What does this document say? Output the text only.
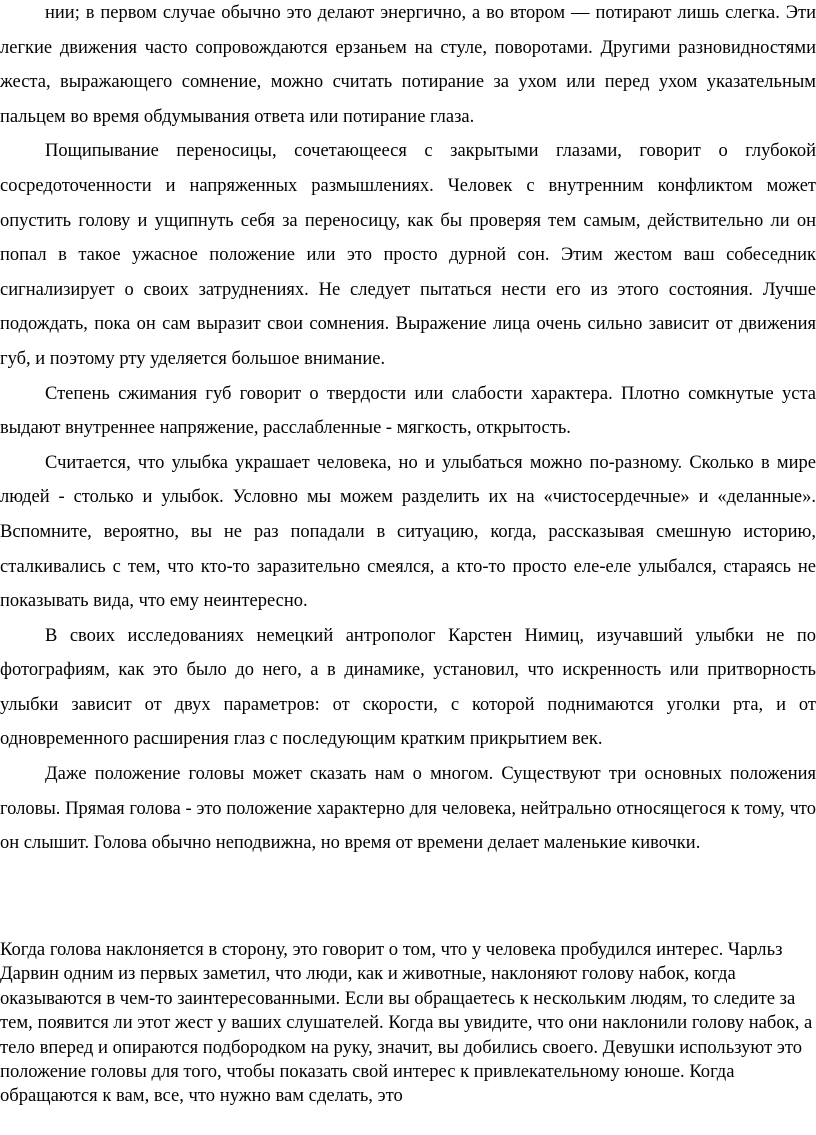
нии; в первом случае обычно это делают энергично, а во втором — потирают лишь слегка. Эти легкие движения часто сопровождаются ерзаньем на стуле, поворотами. Другими разновидностями жеста, выражающего сомнение, можно считать потирание за ухом или перед ухом указательным пальцем во время обдумывания ответа или потирание глаза.

Пощипывание переносицы, сочетающееся с закрытыми глазами, говорит о глубокой сосредоточенности и напряженных размышлениях. Человек с внутренним конфликтом может опустить голову и ущипнуть себя за переносицу, как бы проверяя тем самым, действительно ли он попал в такое ужасное положение или это просто дурной сон. Этим жестом ваш собеседник сигнализирует о своих затруднениях. Не следует пытаться нести его из этого состояния. Лучше подождать, пока он сам выразит свои сомнения. Выражение лица очень сильно зависит от движения губ, и поэтому рту уделяется большое внимание.

Степень сжимания губ говорит о твердости или слабости характера. Плотно сомкнутые уста выдают внутреннее напряжение, расслабленные - мягкость, открытость.

Считается, что улыбка украшает человека, но и улыбаться можно по-разному. Сколько в мире людей - столько и улыбок. Условно мы можем разделить их на «чистосердечные» и «деланные». Вспомните, вероятно, вы не раз попадали в ситуацию, когда, рассказывая смешную историю, сталкивались с тем, что кто-то заразительно смеялся, а кто-то просто еле-еле улыбался, стараясь не показывать вида, что ему неинтересно.

В своих исследованиях немецкий антрополог Карстен Нимиц, изучавший улыбки не по фотографиям, как это было до него, а в динамике, установил, что искренность или притворность улыбки зависит от двух параметров: от скорости, с которой поднимаются уголки рта, и от одновременного расширения глаз с последующим кратким прикрытием век.

Даже положение головы может сказать нам о многом. Существуют три основных положения головы. Прямая голова - это положение характерно для человека, нейтрально относящегося к тому, что он слышит. Голова обычно неподвижна, но время от времени делает маленькие кивочки.

Когда голова наклоняется в сторону, это говорит о том, что у человека пробудился интерес. Чарльз Дарвин одним из первых заметил, что люди, как и животные, наклоняют голову набок, когда оказываются в чем-то заинтересованными. Если вы обращаетесь к нескольким людям, то следите за тем, появится ли этот жест у ваших слушателей. Когда вы увидите, что они наклонили голову набок, а тело вперед и опираются подбородком на руку, значит, вы добились своего. Девушки используют это положение головы для того, чтобы показать свой интерес к привлекательному юноше. Когда обращаются к вам, все, что нужно вам сделать, это
